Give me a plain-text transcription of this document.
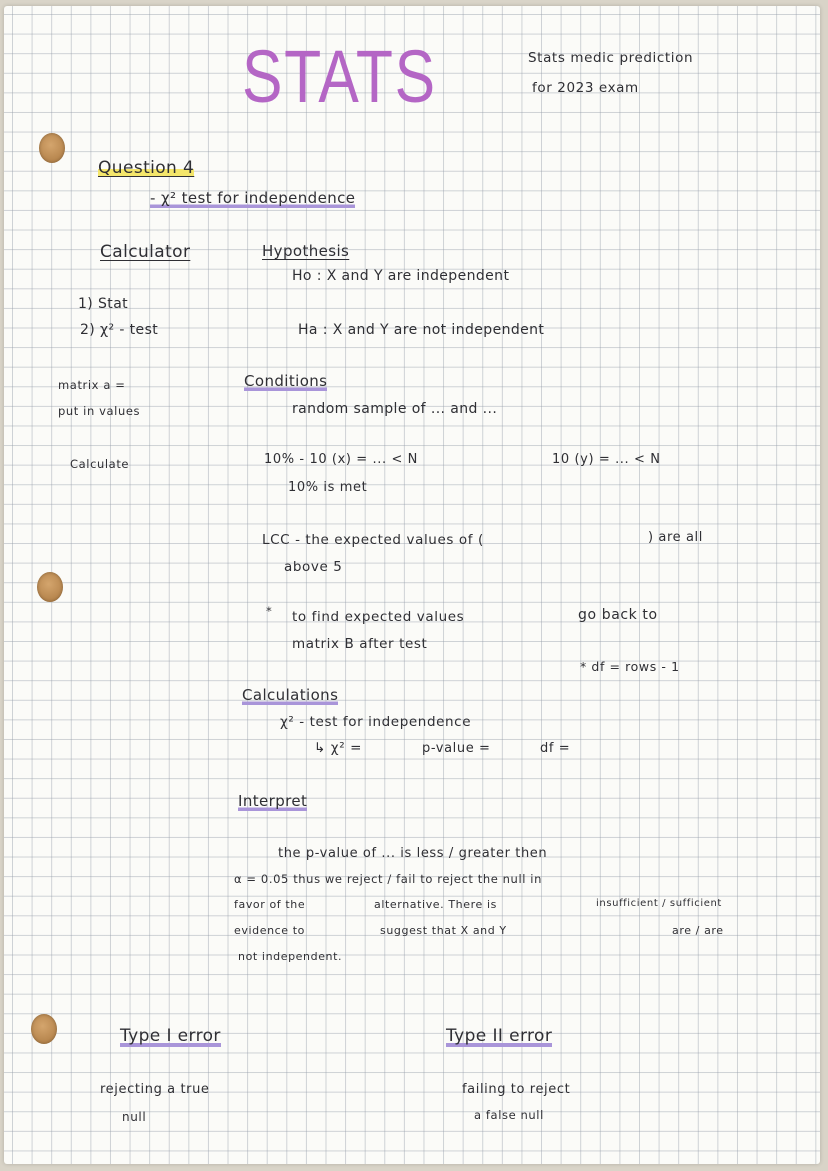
STATS	Stats medic prediction

for 2023 exam

Question 4

- χ² test for independence

Calculator

1) Stat

2) χ² - test

matrix a =

put in values

Calculate

Hypothesis

Ho : X and Y are independent

Ha : X and Y are not independent

Conditions

random sample of ... and ...

10% - 10 (x) = ... < N	10 (y) = ... < N

10% is met

LCC - the expected values of (	) are all

above 5

* to find expected values

matrix B after test

go back to

* df = rows - 1

Calculations

χ² - test for independence

↳ χ² =	p-value =	df =

Interpret

the p-value of ... is less / greater then

α = 0.05 thus we reject / fail to reject the null in

favor of the	alternative. There is	insufficient / sufficient

evidence to	suggest that X and Y	are / are

not independent.

Type I error

rejecting a true

null

Type II error

failing to reject

a false null
